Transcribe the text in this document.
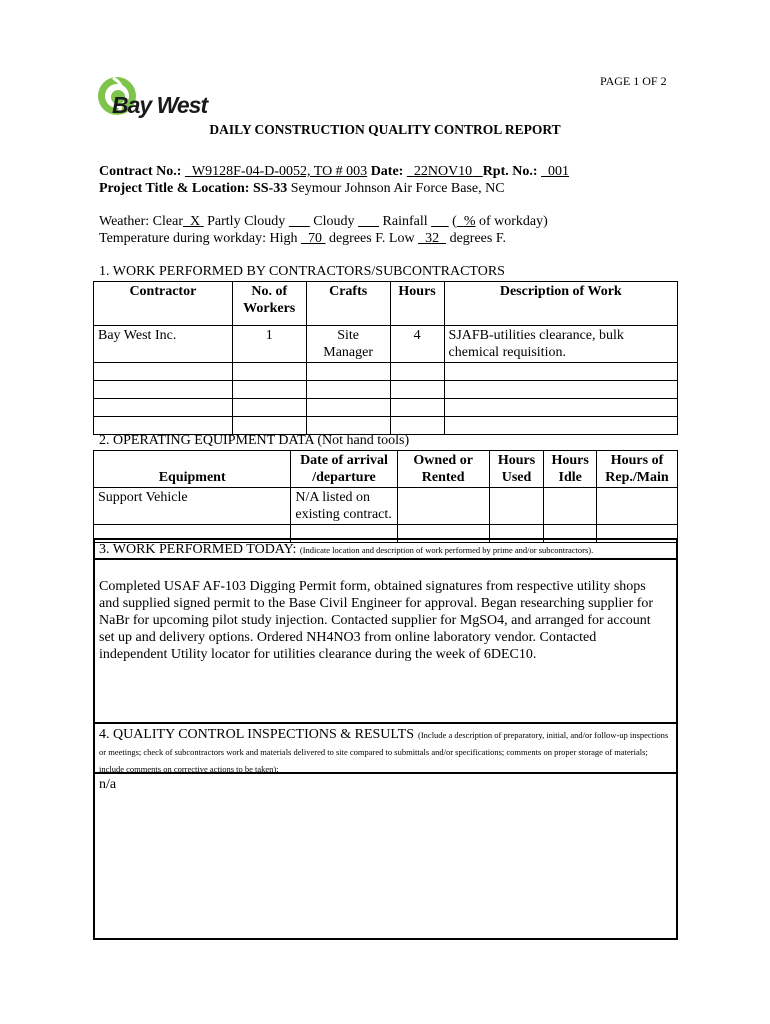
PAGE 1 OF 2
Bay West
DAILY CONSTRUCTION QUALITY CONTROL REPORT
Contract No.: W9128F-04-D-0052, TO # 003 Date: 22NOV10 Rpt. No.: 001
Project Title & Location: SS-33 Seymour Johnson Air Force Base, NC
Weather: Clear X Partly Cloudy Cloudy Rainfall ( % of workday)
Temperature during workday: High 70 degrees F. Low 32 degrees F.
1. WORK PERFORMED BY CONTRACTORS/SUBCONTRACTORS
Contractor	No. of Workers	Crafts	Hours	Description of Work
Bay West Inc.	1	Site Manager	4	SJAFB-utilities clearance, bulk chemical requisition.

2. OPERATING EQUIPMENT DATA (Not hand tools)
Equipment	Date of arrival /departure	Owned or Rented	Hours Used	Hours Idle	Hours of Rep./Main
Support Vehicle	N/A listed on existing contract.				

3. WORK PERFORMED TODAY: (Indicate location and description of work performed by prime and/or subcontractors).
Completed USAF AF-103 Digging Permit form, obtained signatures from respective utility shops and supplied signed permit to the Base Civil Engineer for approval. Began researching supplier for NaBr for upcoming pilot study injection. Contacted supplier for MgSO4, and arranged for account set up and delivery options. Ordered NH4NO3 from online laboratory vendor. Contacted independent Utility locator for utilities clearance during the week of 6DEC10.
4. QUALITY CONTROL INSPECTIONS & RESULTS (Include a description of preparatory, initial, and/or follow-up inspections or meetings; check of subcontractors work and materials delivered to site compared to submittals and/or specifications; comments on proper storage of materials; include comments on corrective actions to be taken):
n/a
